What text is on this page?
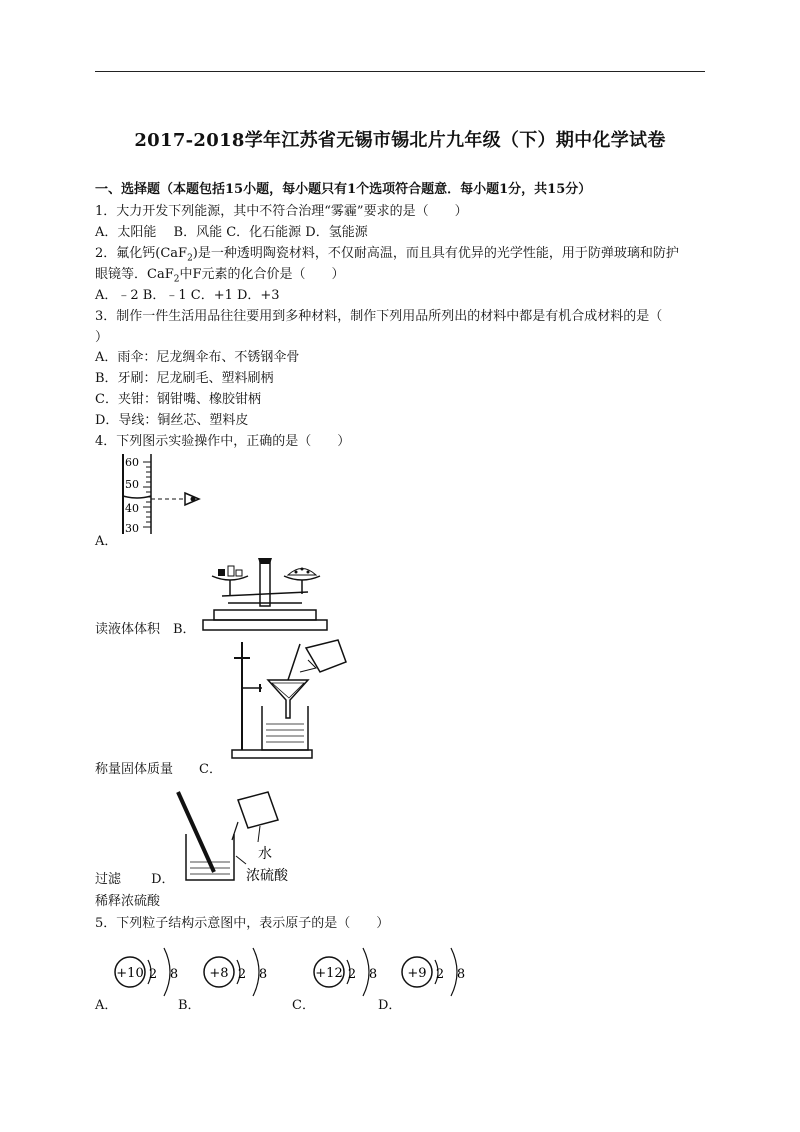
2017-2018学年江苏省无锡市锡北片九年级（下）期中化学试卷
一、选择题（本题包括15小题，每小题只有1个选项符合题意．每小题1分，共15分）
1．大力开发下列能源，其中不符合治理“雾霾”要求的是（　　）
A．太阳能　 B．风能 C．化石能源 D．氢能源
2．氟化钙(CaF$_2$)是一种透明陶瓷材料，不仅耐高温，而且具有优异的光学性能，用于防弹玻璃和防护
眼镜等．CaF$_2$中F元素的化合价是（　　）
A．﹣2 B．﹣1 C．+1 D．+3
3．制作一件生活用品往往要用到多种材料，制作下列用品所列出的材料中都是有机合成材料的是（
）
A．雨伞：尼龙绸伞布、不锈钢伞骨
B．牙刷：尼龙刷毛、塑料刷柄
C．夹钳：钢钳嘴、橡胶钳柄
D．导线：铜丝芯、塑料皮
4．下列图示实验操作中，正确的是（　　）
60
50
40
30
A．
读液体体积　B．
称量固体质量　　C．
水
浓硫酸
过滤　　 D．
稀释浓硫酸
5．下列粒子结构示意图中，表示原子的是（　　）
+10 2 8 +8 2 8	+12 2 8 +9 2 8
A．	B．	C．	D．
